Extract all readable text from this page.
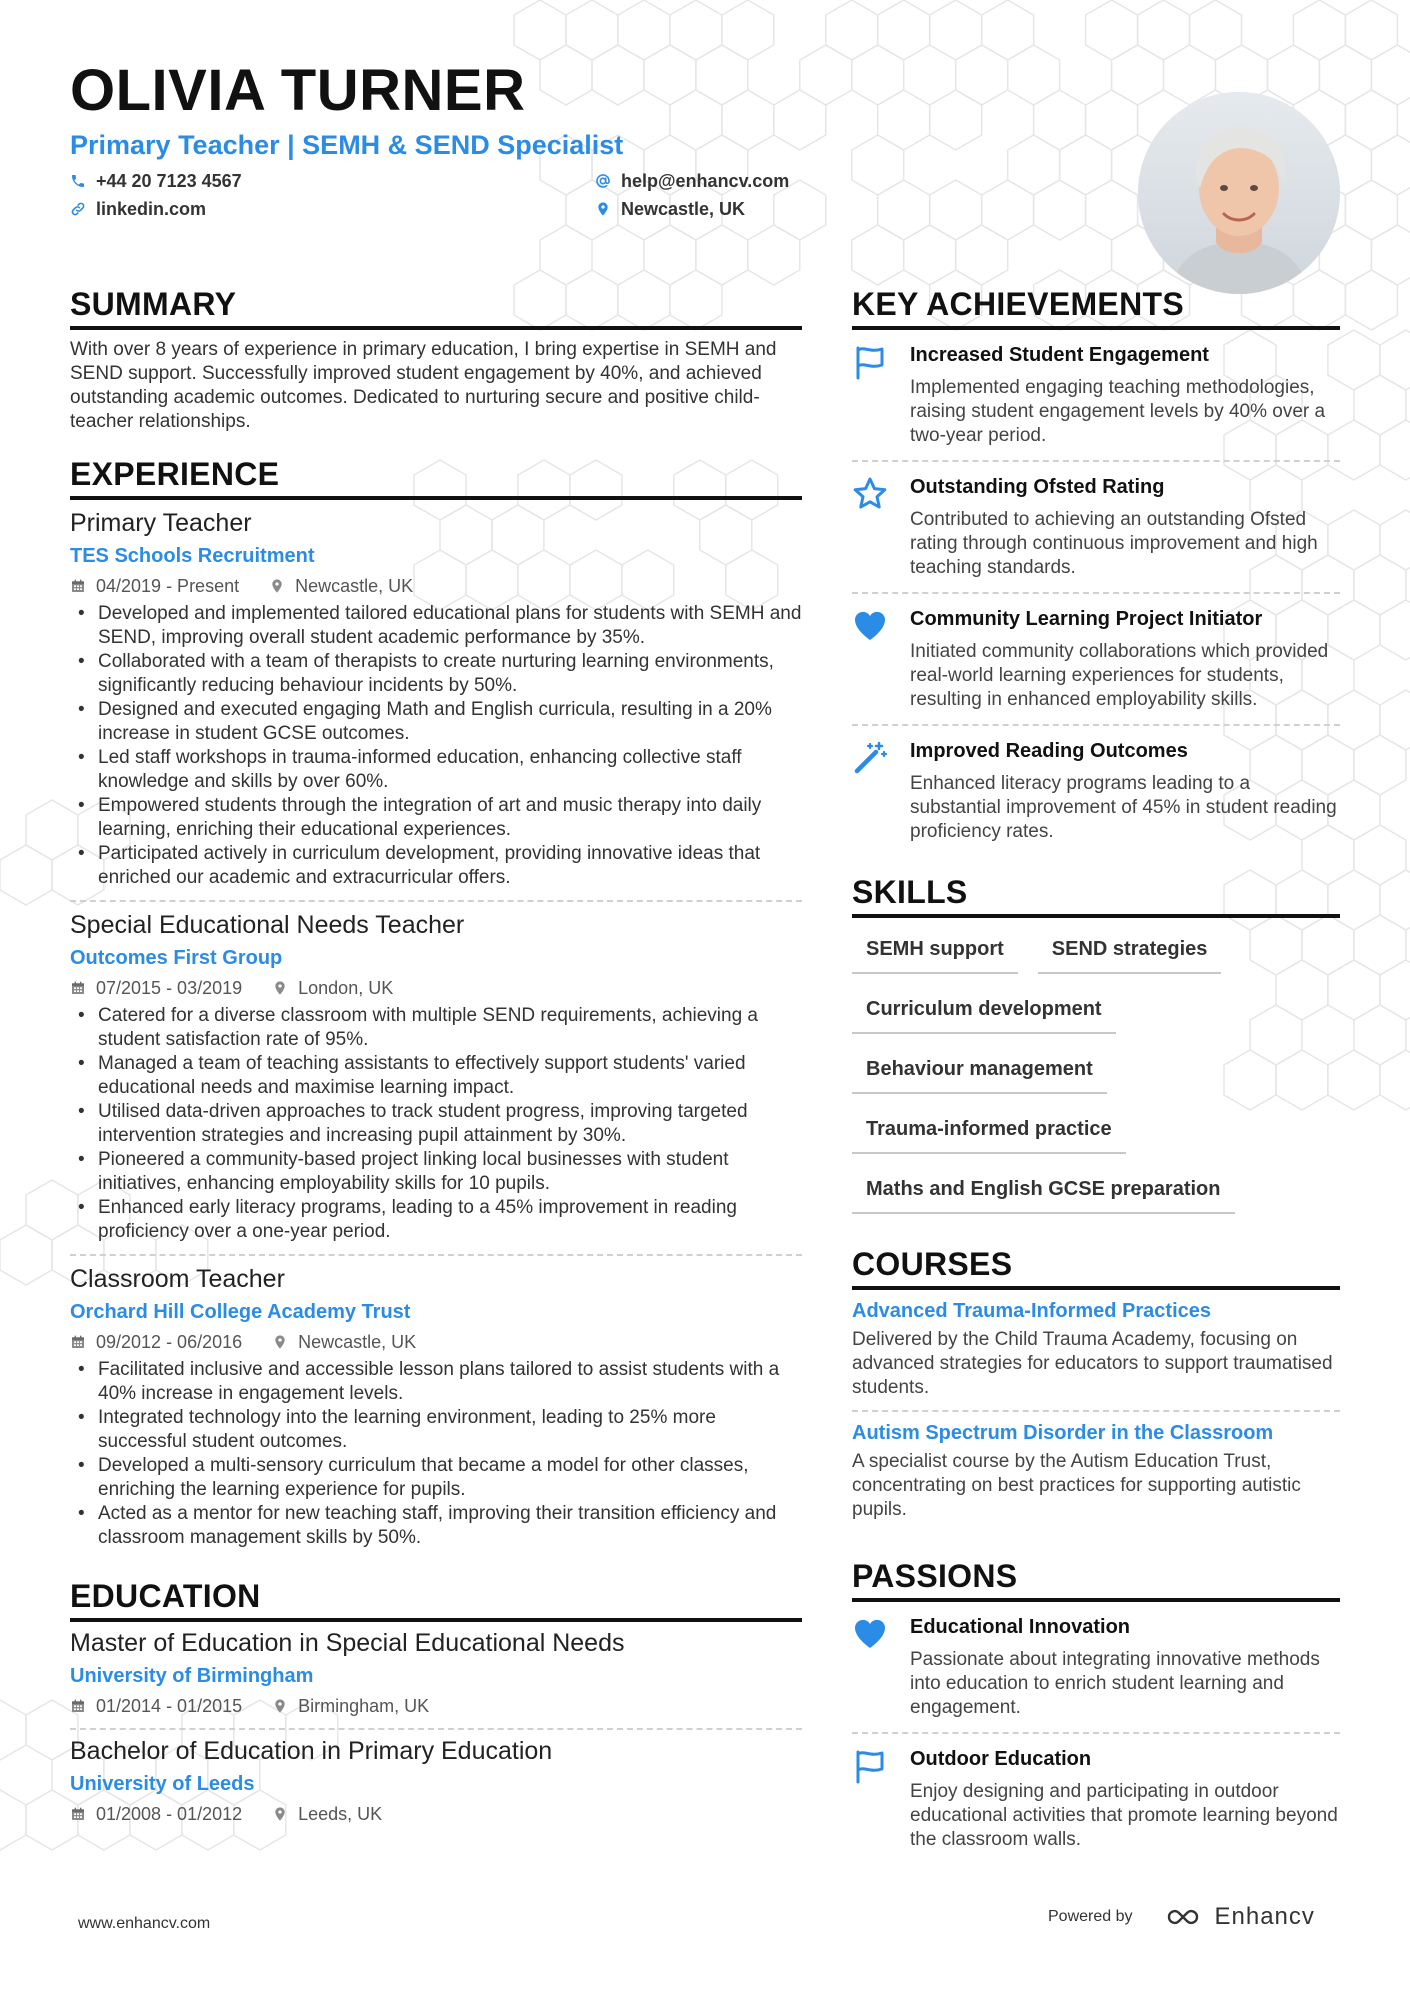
OLIVIA TURNER
Primary Teacher | SEMH & SEND Specialist
+44 20 7123 4567	help@enhancv.com
linkedin.com	Newcastle, UK
SUMMARY
With over 8 years of experience in primary education, I bring expertise in SEMH and SEND support. Successfully improved student engagement by 40%, and achieved outstanding academic outcomes. Dedicated to nurturing secure and positive child-teacher relationships.
EXPERIENCE
Primary Teacher
TES Schools Recruitment
04/2019 - Present	Newcastle, UK
• Developed and implemented tailored educational plans for students with SEMH and SEND, improving overall student academic performance by 35%.
• Collaborated with a team of therapists to create nurturing learning environments, significantly reducing behaviour incidents by 50%.
• Designed and executed engaging Math and English curricula, resulting in a 20% increase in student GCSE outcomes.
• Led staff workshops in trauma-informed education, enhancing collective staff knowledge and skills by over 60%.
• Empowered students through the integration of art and music therapy into daily learning, enriching their educational experiences.
• Participated actively in curriculum development, providing innovative ideas that enriched our academic and extracurricular offers.
Special Educational Needs Teacher
Outcomes First Group
07/2015 - 03/2019	London, UK
• Catered for a diverse classroom with multiple SEND requirements, achieving a student satisfaction rate of 95%.
• Managed a team of teaching assistants to effectively support students' varied educational needs and maximise learning impact.
• Utilised data-driven approaches to track student progress, improving targeted intervention strategies and increasing pupil attainment by 30%.
• Pioneered a community-based project linking local businesses with student initiatives, enhancing employability skills for 10 pupils.
• Enhanced early literacy programs, leading to a 45% improvement in reading proficiency over a one-year period.
Classroom Teacher
Orchard Hill College Academy Trust
09/2012 - 06/2016	Newcastle, UK
• Facilitated inclusive and accessible lesson plans tailored to assist students with a 40% increase in engagement levels.
• Integrated technology into the learning environment, leading to 25% more successful student outcomes.
• Developed a multi-sensory curriculum that became a model for other classes, enriching the learning experience for pupils.
• Acted as a mentor for new teaching staff, improving their transition efficiency and classroom management skills by 50%.
EDUCATION
Master of Education in Special Educational Needs
University of Birmingham
01/2014 - 01/2015	Birmingham, UK
Bachelor of Education in Primary Education
University of Leeds
01/2008 - 01/2012	Leeds, UK
KEY ACHIEVEMENTS
Increased Student Engagement
Implemented engaging teaching methodologies, raising student engagement levels by 40% over a two-year period.
Outstanding Ofsted Rating
Contributed to achieving an outstanding Ofsted rating through continuous improvement and high teaching standards.
Community Learning Project Initiator
Initiated community collaborations which provided real-world learning experiences for students, resulting in enhanced employability skills.
Improved Reading Outcomes
Enhanced literacy programs leading to a substantial improvement of 45% in student reading proficiency rates.
SKILLS
SEMH support	SEND strategies
Curriculum development
Behaviour management
Trauma-informed practice
Maths and English GCSE preparation
COURSES
Advanced Trauma-Informed Practices
Delivered by the Child Trauma Academy, focusing on advanced strategies for educators to support traumatised students.
Autism Spectrum Disorder in the Classroom
A specialist course by the Autism Education Trust, concentrating on best practices for supporting autistic pupils.
PASSIONS
Educational Innovation
Passionate about integrating innovative methods into education to enrich student learning and engagement.
Outdoor Education
Enjoy designing and participating in outdoor educational activities that promote learning beyond the classroom walls.
www.enhancv.com	Powered by	Enhancv
